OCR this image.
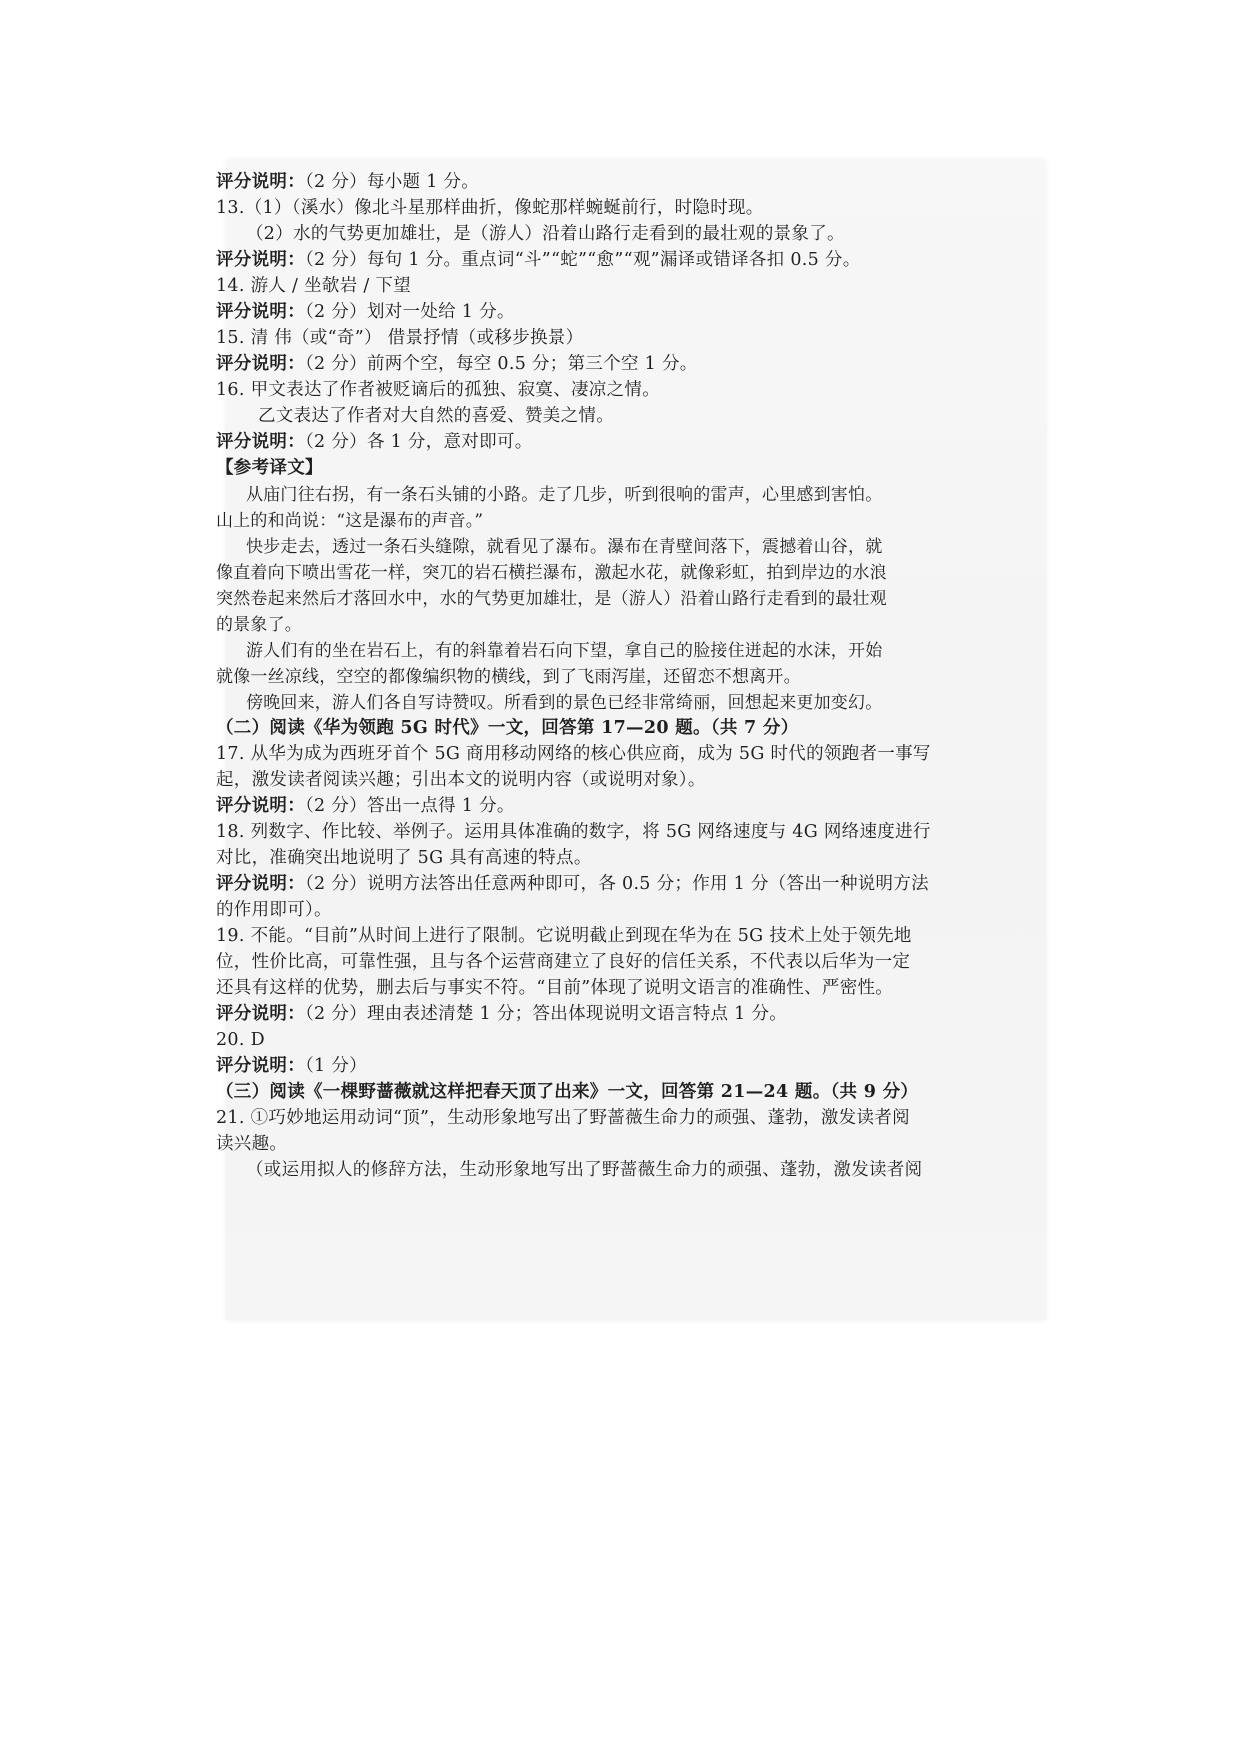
评分说明：（2 分）每小题 1 分。
13.（1）（溪水）像北斗星那样曲折，像蛇那样蜿蜒前行，时隐时现。
（2）水的气势更加雄壮，是（游人）沿着山路行走看到的最壮观的景象了。
评分说明：（2 分）每句 1 分。重点词“斗”“蛇”“愈”“观”漏译或错译各扣 0.5 分。
14. 游人 / 坐欹岩 / 下望
评分说明：（2 分）划对一处给 1 分。
15. 清 伟（或“奇”） 借景抒情（或移步换景）
评分说明：（2 分）前两个空，每空 0.5 分；第三个空 1 分。
16. 甲文表达了作者被贬谪后的孤独、寂寞、凄凉之情。
乙文表达了作者对大自然的喜爱、赞美之情。
评分说明：（2 分）各 1 分，意对即可。
【参考译文】
从庙门往右拐，有一条石头铺的小路。走了几步，听到很响的雷声，心里感到害怕。
山上的和尚说：“这是瀑布的声音。”
快步走去，透过一条石头缝隙，就看见了瀑布。瀑布在青壁间落下，震撼着山谷，就
像直着向下喷出雪花一样，突兀的岩石横拦瀑布，激起水花，就像彩虹，拍到岸边的水浪
突然卷起来然后才落回水中，水的气势更加雄壮，是（游人）沿着山路行走看到的最壮观
的景象了。
游人们有的坐在岩石上，有的斜靠着岩石向下望，拿自己的脸接住迸起的水沫，开始
就像一丝凉线，空空的都像编织物的横线，到了飞雨泻崖，还留恋不想离开。
傍晚回来，游人们各自写诗赞叹。所看到的景色已经非常绮丽，回想起来更加变幻。
（二）阅读《华为领跑 5G 时代》一文，回答第 17—20 题。（共 7 分）
17. 从华为成为西班牙首个 5G 商用移动网络的核心供应商，成为 5G 时代的领跑者一事写
起，激发读者阅读兴趣；引出本文的说明内容（或说明对象）。
评分说明：（2 分）答出一点得 1 分。
18. 列数字、作比较、举例子。运用具体准确的数字，将 5G 网络速度与 4G 网络速度进行
对比，准确突出地说明了 5G 具有高速的特点。
评分说明：（2 分）说明方法答出任意两种即可，各 0.5 分；作用 1 分（答出一种说明方法
的作用即可）。
19. 不能。“目前”从时间上进行了限制。它说明截止到现在华为在 5G 技术上处于领先地
位，性价比高，可靠性强，且与各个运营商建立了良好的信任关系，不代表以后华为一定
还具有这样的优势，删去后与事实不符。“目前”体现了说明文语言的准确性、严密性。
评分说明：（2 分）理由表述清楚 1 分；答出体现说明文语言特点 1 分。
20. D
评分说明：（1 分）
（三）阅读《一棵野蔷薇就这样把春天顶了出来》一文，回答第 21—24 题。（共 9 分）
21. ①巧妙地运用动词“顶”，生动形象地写出了野蔷薇生命力的顽强、蓬勃，激发读者阅
读兴趣。
（或运用拟人的修辞方法，生动形象地写出了野蔷薇生命力的顽强、蓬勃，激发读者阅
